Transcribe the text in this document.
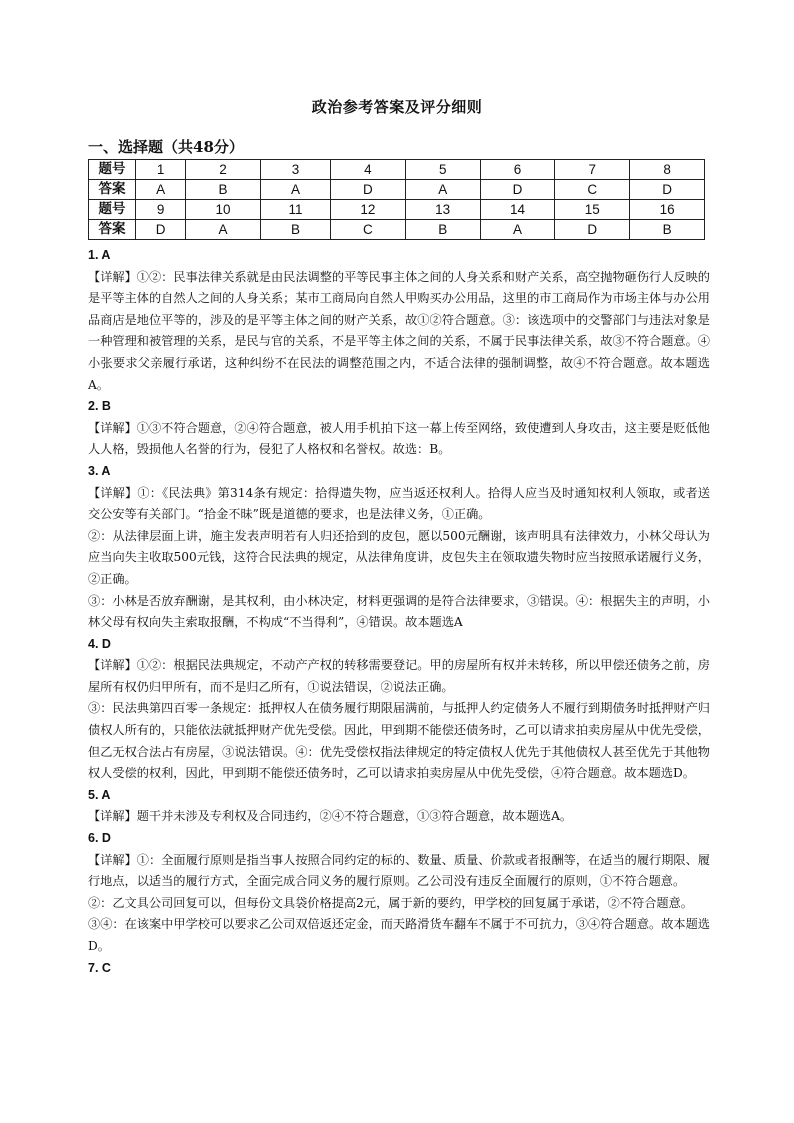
政治参考答案及评分细则
一、选择题（共48分）
题号	1	2	3	4	5	6	7	8
答案	A	B	A	D	A	D	C	D
题号	9	10	11	12	13	14	15	16
答案	D	A	B	C	B	A	D	B
1. A
【详解】①②：民事法律关系就是由民法调整的平等民事主体之间的人身关系和财产关系，高空抛物砸伤行人反映的是平等主体的自然人之间的人身关系；某市工商局向自然人甲购买办公用品，这里的市工商局作为市场主体与办公用品商店是地位平等的，涉及的是平等主体之间的财产关系，故①②符合题意。③：该选项中的交警部门与违法对象是一种管理和被管理的关系，是民与官的关系，不是平等主体之间的关系，不属于民事法律关系，故③不符合题意。④ 小张要求父亲履行承诺，这种纠纷不在民法的调整范围之内，不适合法律的强制调整，故④不符合题意。故本题选A。
2. B
【详解】①③不符合题意，②④符合题意，被人用手机拍下这一幕上传至网络，致使遭到人身攻击，这主要是贬低他人人格，毁损他人名誉的行为，侵犯了人格权和名誉权。故选：B。
3. A
【详解】①：《民法典》第314条有规定：拾得遗失物，应当返还权利人。拾得人应当及时通知权利人领取，或者送交公安等有关部门。“拾金不昧”既是道德的要求，也是法律义务，①正确。
②：从法律层面上讲，施主发表声明若有人归还拾到的皮包，愿以500元酬谢，该声明具有法律效力，小林父母认为应当向失主收取500元钱，这符合民法典的规定，从法律角度讲，皮包失主在领取遗失物时应当按照承诺履行义务，②正确。
③：小林是否放弃酬谢，是其权利，由小林决定，材料更强调的是符合法律要求，③错误。④：根据失主的声明，小林父母有权向失主索取报酬，不构成“不当得利”，④错误。故本题选A
4. D
【详解】①②：根据民法典规定，不动产产权的转移需要登记。甲的房屋所有权并未转移，所以甲偿还债务之前，房屋所有权仍归甲所有，而不是归乙所有，①说法错误，②说法正确。
③：民法典第四百零一条规定：抵押权人在债务履行期限届满前，与抵押人约定债务人不履行到期债务时抵押财产归债权人所有的，只能依法就抵押财产优先受偿。因此，甲到期不能偿还债务时，乙可以请求拍卖房屋从中优先受偿，但乙无权合法占有房屋，③说法错误。④：优先受偿权指法律规定的特定债权人优先于其他债权人甚至优先于其他物权人受偿的权利，因此，甲到期不能偿还债务时，乙可以请求拍卖房屋从中优先受偿，④符合题意。故本题选D。
5. A
【详解】题干并未涉及专利权及合同违约，②④不符合题意，①③符合题意，故本题选A。
6. D
【详解】①：全面履行原则是指当事人按照合同约定的标的、数量、质量、价款或者报酬等，在适当的履行期限、履行地点，以适当的履行方式，全面完成合同义务的履行原则。乙公司没有违反全面履行的原则，①不符合题意。
②：乙文具公司回复可以，但每份文具袋价格提高2元，属于新的要约，甲学校的回复属于承诺，②不符合题意。
③④：在该案中甲学校可以要求乙公司双倍返还定金，而天路滑货车翻车不属于不可抗力，③④符合题意。故本题选D。
7. C
